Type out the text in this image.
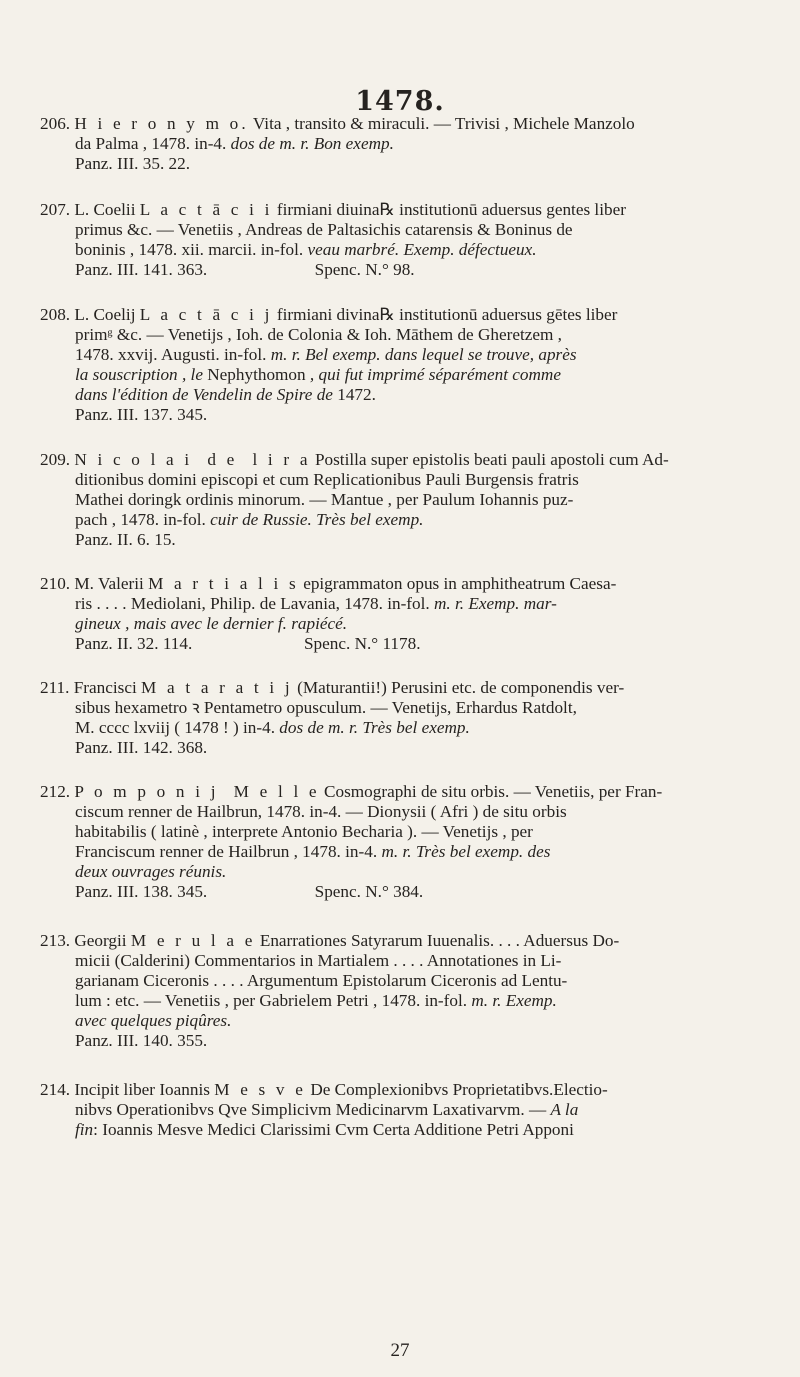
1478.
206. H i e r o n y m o. Vita , transito & miraculi. — Trivisi , Michele Manzolo
da Palma , 1478. in-4. dos de m. r. Bon exemp.
Panz. III. 35. 22.
207. L. Coelii L a c t ā c i i firmiani diuina℞ institutionū aduersus gentes liber
primus &c. — Venetiis , Andreas de Paltasichis catarensis & Boninus de
boninis , 1478. xii. marcii. in-fol. veau marbré. Exemp. défectueux.
Panz. III. 141. 363.                         Spenc. N.° 98.
208. L. Coelij L a c t ā c i j firmiani divina℞ institutionū aduersus gētes liber
primᵍ &c. — Venetijs , Ioh. de Colonia & Ioh. Māthem de Gheretzem ,
1478. xxvij. Augusti. in-fol. m. r. Bel exemp. dans lequel se trouve, après
la souscription , le Nephythomon , qui fut imprimé séparément comme
dans l'édition de Vendelin de Spire de 1472.
Panz. III. 137. 345.
209. N i c o l a i  d e  l i r a Postilla super epistolis beati pauli apostoli cum Ad-
ditionibus domini episcopi et cum Replicationibus Pauli Burgensis fratris
Mathei doringk ordinis minorum. — Mantue , per Paulum Iohannis puz-
pach , 1478. in-fol. cuir de Russie. Très bel exemp.
Panz. II. 6. 15.
210. M. Valerii M a r t i a l i s epigrammaton opus in amphitheatrum Caesa-
ris . . . . Mediolani, Philip. de Lavania, 1478. in-fol. m. r. Exemp. mar-
gineux , mais avec le dernier f. rapiécé.
Panz. II. 32. 114.                          Spenc. N.° 1178.
211. Francisci M a t a r a t i j (Maturantii!) Perusini etc. de componendis ver-
sibus hexametro ꝛ Pentametro opusculum. — Venetijs, Erhardus Ratdolt,
M. cccc lxviij ( 1478 ! ) in-4. dos de m. r. Très bel exemp.
Panz. III. 142. 368.
212. P o m p o n i j  M e l l e Cosmographi de situ orbis. — Venetiis, per Fran-
ciscum renner de Hailbrun, 1478. in-4. — Dionysii ( Afri ) de situ orbis
habitabilis ( latinè , interprete Antonio Becharia ). — Venetijs , per
Franciscum renner de Hailbrun , 1478. in-4. m. r. Très bel exemp. des
deux ouvrages réunis.
Panz. III. 138. 345.                         Spenc. N.° 384.
213. Georgii M e r u l a e Enarrationes Satyrarum Iuuenalis. . . . Aduersus Do-
micii (Calderini) Commentarios in Martialem . . . . Annotationes in Li-
garianam Ciceronis . . . . Argumentum Epistolarum Ciceronis ad Lentu-
lum : etc. — Venetiis , per Gabrielem Petri , 1478. in-fol. m. r. Exemp.
avec quelques piqûres.
Panz. III. 140. 355.
214. Incipit liber Ioannis M e s v e De Complexionibvs Proprietatibvs.Electio-
nibvs Operationibvs Qve Simplicivm Medicinarvm Laxativarvm. — A la
fin: Ioannis Mesve Medici Clarissimi Cvm Certa Additione Petri Apponi
27
